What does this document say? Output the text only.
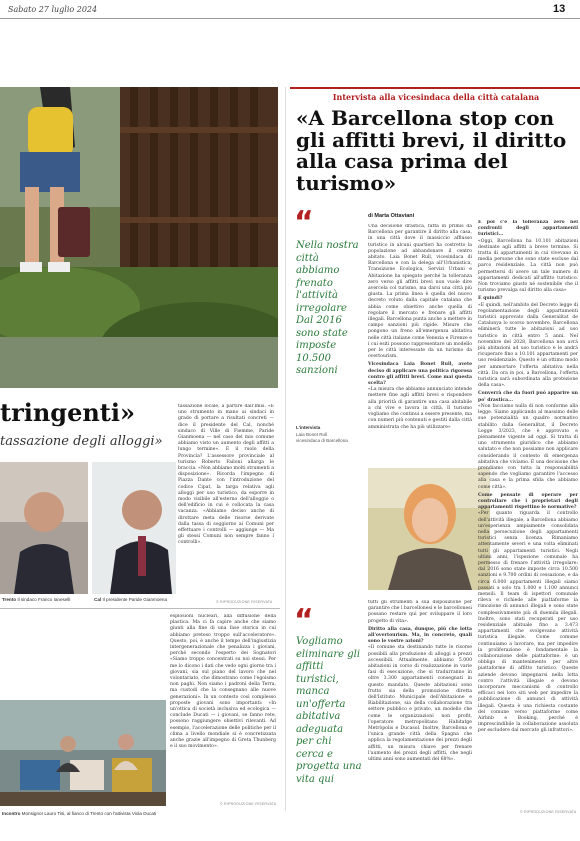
Sabato 27 luglio 2024	13
tringenti»
tassazione degli alloggi»
tassazione locale, a partire dall'Imis. «È uno strumento in mano ai sindaci in grado di portare a risultati concreti — dice il presidente del Cal, nonché sindaco di Ville di Fiemme, Paride Gianmoena — nel caso del mio comune abbiamo visto un aumento degli affitti a lungo termine». E il ruolo della Provincia? L'assessore provinciale al turismo Roberto Failoni allarga le braccia. «Non abbiamo molti strumenti a disposizione». Ricorda l'impegno di Piazza Dante con l'introduzione del codice Cipat, la targa relativa agli alloggi per uso turistico, da esporre in modo visibile all'esterno dell'alloggio o dell'edificio in cui è collocata la casa vacanza. «Abbiamo deciso anche di dirottare meta delle risorse derivate dalla tassa di soggiorno ai Comuni per effettuare i controlli — aggiunge — Ma gli stessi Comuni non sempre fanno i controlli».
Trento Il sindaco Franco Ianeselli	Cal Il presidente Paride Gianmoena	© RIPRODUZIONE RISERVATA
esplosioni nucleari, alla diffusione della plastica. Ma ci fa capire anche che siamo giunti alla fine di una fase storica in cui abbiamo preteso troppo sull'acceleratore». Questo, poi, è anche il tempo dell'ingiustizia intergenerazionale che penalizza i giovani, perché secondo l'esperto dei Sognatori «Siamo troppo concentrati su noi stessi. Per me lo dicono i dati che vedo ogni giorno tra i giovani, sia sul piano del lavoro che nel volontariato, che dimostrano come l'egoismo non paghi. Non siamo i padroni della Terra, ma custodi che la consegnano alle nuove generazioni». In un contesto così complesso proposte giovani sono importanti: «In un'ottica di società inclusiva ed ecologica — conclude Ducati — i giovani, se fanno rete, possono raggiungere obiettivi rilevanti. Ad esempio, l'accelerazione delle politiche per il clima a livello mondiale si è concretizzata anche grazie all'impegno di Greta Thunberg e il suo movimento».
Incontro Monsignor Lauro Tisi, al fianco di Trento con l'attivista Viola Ducati
© RIPRODUZIONE RISERVATA
Intervista alla vicesindaca della città catalana
«A Barcellona stop con gli affitti brevi, il diritto alla casa prima del turismo»
di Marta Ottaviani
“
Nella nostra città abbiamo frenato l'attività irregolare Dal 2016 sono state imposte 10.500 sanzioni
L'intervista
Laia Bonet Rull vicesindaca di Barcellona

Una decisione drastica, fatta in primis da Barcellona per garantire il diritto alla casa, in una città dove il massiccio afflusso turistico in alcuni quartieri ha costretto la popolazione ad abbandonare il centro abitato. Laia Bonet Rull, vicesindaca di Barcellona e con la delega all'Urbanistica, Transizione Ecologica, Servizi Urbani e Abitazione ha spiegato perché la tolleranza zero verso gli affitti brevi non vuole dire avercela col turismo, ma darsi una città più giusta. La prima linea è quella del nuovo decreto voluto dalla capitale catalana che abbia come obiettivo anche quella di regolare il mercato e frenare gli affitti illegali. Barcellona punta anche a mettere in campo sanzioni più rigide. Misure che pongono un freno all'emergenza abitativa nelle città italiane come Venezia e Firenze e i cui esiti possono rappresentare un modello per le città interessate da un turismo da overtourism.

Vicesindaca Laia Bonet Rull, avete deciso di applicare una politica rigorosa contro gli affitti brevi. Come mai questa scelta?

«La misura che abbiamo annunciato intende mettere fine agli affitti brevi e rispondere alla priorità di garantire una casa abitabile a chi vive e lavora in città. Il turismo vogliamo che continui a essere presente, ma con numeri più contenuti e gestiti dalla città amministrata che ha più utilizzare»

E poi c'è la tolleranza zero nei confronti degli appartamenti turistici...

«Oggi, Barcellona ha 10.101 abitazioni destinate agli affitti a breve termine. Si tratta di appartamenti in cui vivevano in media persone che sono state escluse dal parco residenziale. La città non può permettersi di avere un tale numero di appartamenti dedicati all'affitto turistico. Non troviamo giusto né sostenibile che il turismo prevalga sul diritto alla casa»

E quindi?

«E quindi, nell'ambito del Decreto legge di regolamentazione degli appartamenti turistici approvato dalla Generalitat de Catalunya lo scorso novembre, Barcellona eliminerà tutte le abitazioni ad uso turistico in città entro 5 anni. Nel novembre del 2028, Barcellona non avrà più abitazioni ad uso turistico e le andrà ricuperare fino a 10.101 appartamenti per uso residenziale. Questo è un ottimo modo per ammortare l'offerta abitativa nella città. Da ora in poi, a Barcellona, l'offerta turistica sarà subordinata alla protezione della casa».

Converrà che da fuori può apparire un po' drastica...

«Non facciamo nulla di non conforme alla legge. Siamo applicando al massimo delle sue potenzialità un quadro normativo stabilito dalla Generalitat, il Decreto Legge 3/2023, che è approvato e pienamente vigente ad oggi. Si tratta di uno strumento giuridico che abbiamo salutato e che non possiamo non applicare considerando il contesto di emergenza abitativa che viviamo. È una decisione che prendiamo con tutta la responsabilità sapendo che vogliamo garantire l'accesso alla casa e la prima sfida che abbiamo come città».

Come pensate di operare per controllare che i proprietari degli appartamenti rispettino le normative?

«Per quanto riguarda il controllo dell'attività illegale, a Barcellona abbiamo un'esperienza ampiamente consolidata nella persecuzione degli appartamenti turistici senza licenza. Rimaniamo attentamente severi e una volta eliminati tutti gli appartamenti turistici. Negli ultimi anni, l'ispezione comunale ha permesso di frenare l'attività irregolare: dal 2016 sono state imposte circa 10.500 sanzioni e 9.700 ordini di cessazione, e da circa 6.000 appartamenti illegali siamo passati a solo tra 1.000 e 1.100 annunci mensili. Il team di ispettori comunale rileva e richiede alle piattaforme la rimozione di annunci illegali e sono state complessivamente più di duemila illegali. Inoltre, sono stati recuperati per uso residenziale abituale fino a 3.473 appartamenti che svolgevano attività turistica illegale. Come comune continuiamo a lavorare, ma per impedire la proliferazione è fondamentale la collaborazione delle piattaforme: è un obbligo di mantenimento per altre piattaforme di affitto turistico. Queste aziende devono impegnarsi nella lotta contro l'attività illegale e devono incorporare meccanismi di controllo efficaci nei loro siti web per impedire la pubblicazione di annunci di attività illegali. Questa è una richiesta costante del comune verso piattaforme come Airbnb e Booking, perché è imprescindibile la collaborazione assoluta per escludere dal mercato gli infrattori».

“
Vogliamo eliminare gli affitti turistici, manca un'offerta abitativa adeguata per chi cerca e progetta una vita qui

tutti gli strumenti a sua disposizione per garantire che i barcellonesi e le barcellonesi possano restare qui per sviluppare il loro progetto di vita».

Diritto alla casa, dunque, più che lotta all'overtourism. Ma, in concreto, quali sono le vostre azioni?

«Il comune sta destinando tutte le risorse possibili alla produzione di alloggi a prezzi accessibili. Attualmente, abbiamo 5.000 abitazioni in corso di realizzazione in varie fasi di esecuzione, che si tradurranno in oltre 3.300 appartamenti consegnati in questo mandato. Queste abitazioni sono frutto sia della promozione diretta dell'Istituto Municipale dell'Abitazione e Riabilitazione, sia della collaborazione tra settore pubblico e privato, un modello che come le organizzazioni non profit, l'operatore metropolitano Habitatge Metròpolis e Ducasol. Inoltre, Barcellona e l'unica grande città della Spagna che applica la regolamentazione dei prezzi degli affitti, un misura chiave per frenare l'aumento dei prezzi degli affitti, che negli ultimi anni sono aumentati del 68%».

© RIPRODUZIONE RISERVATA
